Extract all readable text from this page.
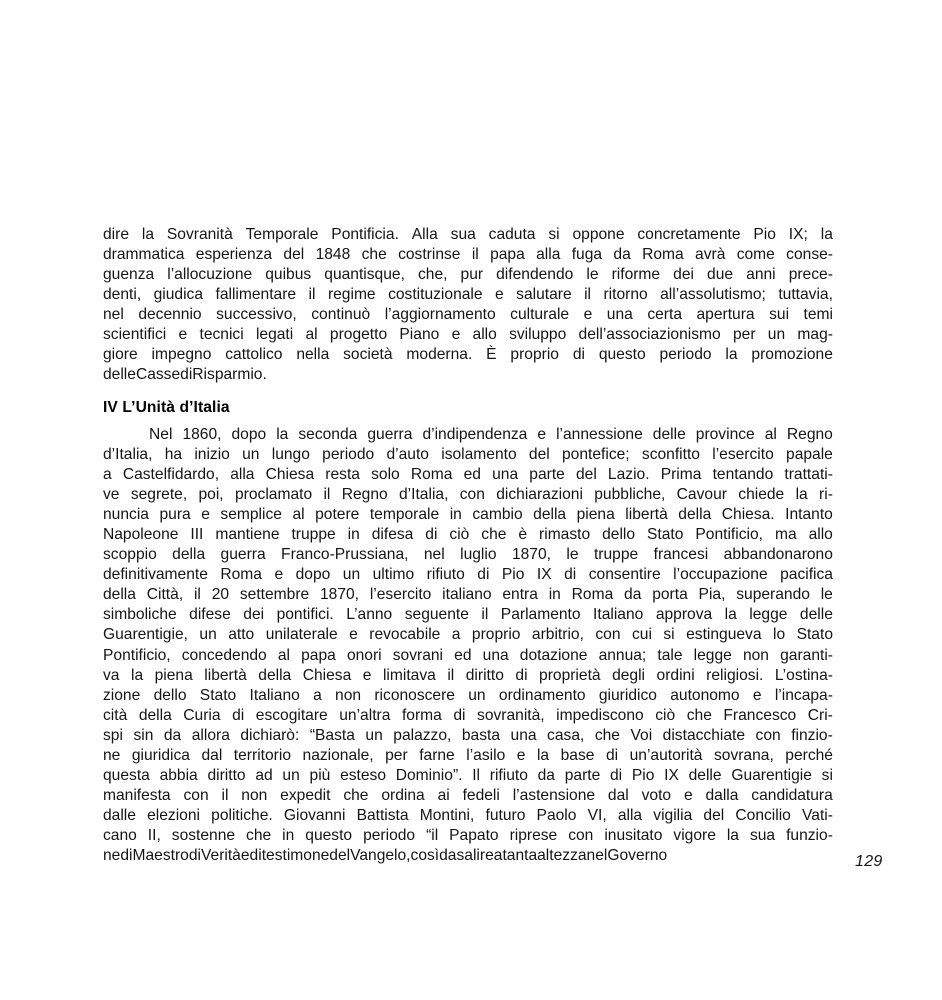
dire la Sovranità Temporale Pontificia. Alla sua caduta si oppone concretamente Pio IX; la
drammatica esperienza del 1848 che costrinse il papa alla fuga da Roma avrà come conse-
guenza l’allocuzione quibus quantisque, che, pur difendendo le riforme dei due anni prece-
denti, giudica fallimentare il regime costituzionale e salutare il ritorno all’assolutismo; tuttavia,
nel decennio successivo, continuò l’aggiornamento culturale e una certa apertura sui temi
scientifici e tecnici legati al progetto Piano e allo sviluppo dell’associazionismo per un mag-
giore impegno cattolico nella società moderna. È proprio di questo periodo la promozione
delle Casse di Risparmio.
IV L’Unità d’Italia
Nel 1860, dopo la seconda guerra d’indipendenza e l’annessione delle province al Regno
d’Italia, ha inizio un lungo periodo d’auto isolamento del pontefice; sconfitto l’esercito papale
a Castelfidardo, alla Chiesa resta solo Roma ed una parte del Lazio. Prima tentando trattati-
ve segrete, poi, proclamato il Regno d’Italia, con dichiarazioni pubbliche, Cavour chiede la ri-
nuncia pura e semplice al potere temporale in cambio della piena libertà della Chiesa. Intanto
Napoleone III mantiene truppe in difesa di ciò che è rimasto dello Stato Pontificio, ma allo
scoppio della guerra Franco-Prussiana, nel luglio 1870, le truppe francesi abbandonarono
definitivamente Roma e dopo un ultimo rifiuto di Pio IX di consentire l’occupazione pacifica
della Città, il 20 settembre 1870, l’esercito italiano entra in Roma da porta Pia, superando le
simboliche difese dei pontifici. L’anno seguente il Parlamento Italiano approva la legge delle
Guarentigie, un atto unilaterale e revocabile a proprio arbitrio, con cui si estingueva lo Stato
Pontificio, concedendo al papa onori sovrani ed una dotazione annua; tale legge non garanti-
va la piena libertà della Chiesa e limitava il diritto di proprietà degli ordini religiosi. L’ostina-
zione dello Stato Italiano a non riconoscere un ordinamento giuridico autonomo e l’incapa-
cità della Curia di escogitare un’altra forma di sovranità, impediscono ciò che Francesco Cri-
spi sin da allora dichiarò: “Basta un palazzo, basta una casa, che Voi distacchiate con finzio-
ne giuridica dal territorio nazionale, per farne l’asilo e la base di un’autorità sovrana, perché
questa abbia diritto ad un più esteso Dominio”. Il rifiuto da parte di Pio IX delle Guarentigie si
manifesta con il non expedit che ordina ai fedeli l’astensione dal voto e dalla candidatura
dalle elezioni politiche. Giovanni Battista Montini, futuro Paolo VI, alla vigilia del Concilio Vati-
cano II, sostenne che in questo periodo “il Papato riprese con inusitato vigore la sua funzio-
ne di Maestro di Verità e di testimone del Vangelo, così da salire a tanta altezza nel Governo	129
